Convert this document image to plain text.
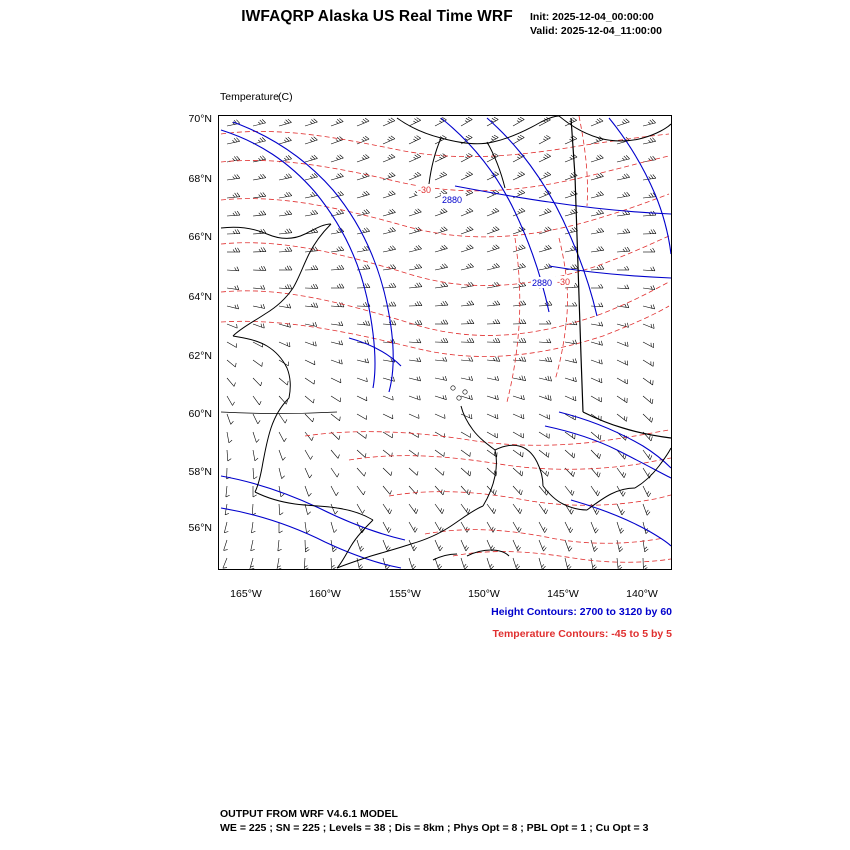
IWFAQRP Alaska US Real Time WRF	Init: 2025-12-04_00:00:00
Valid: 2025-12-04_11:00:00

Temperature(C)

70°N
68°N
66°N
64°N
62°N
60°N
58°N
56°N
165°W	160°W	155°W	150°W	145°W	140°W
2880
2880
-30
-30
Height Contours: 2700 to 3120 by 60
Temperature Contours: -45 to 5 by 5
OUTPUT FROM WRF V4.6.1 MODEL
WE = 225 ; SN = 225 ; Levels = 38 ; Dis = 8km ; Phys Opt = 8 ; PBL Opt = 1 ; Cu Opt = 3
